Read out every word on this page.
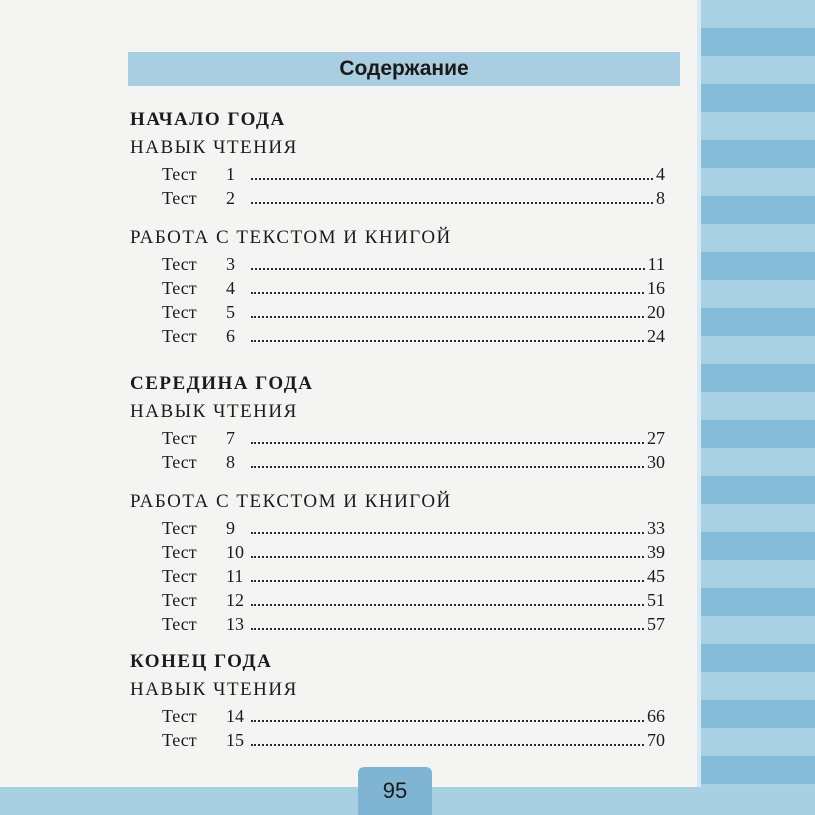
95
Содержание
НАЧАЛО ГОДА
НАВЫК ЧТЕНИЯ
Тест	1	4
Тест	2	8
РАБОТА С ТЕКСТОМ И КНИГОЙ
Тест	3	11
Тест	4	16
Тест	5	20
Тест	6	24
СЕРЕДИНА ГОДА
НАВЫК ЧТЕНИЯ
Тест	7	27
Тест	8	30
РАБОТА С ТЕКСТОМ И КНИГОЙ
Тест	9	33
Тест	10	39
Тест	11	45
Тест	12	51
Тест	13	57
КОНЕЦ ГОДА
НАВЫК ЧТЕНИЯ
Тест	14	66
Тест	15	70
